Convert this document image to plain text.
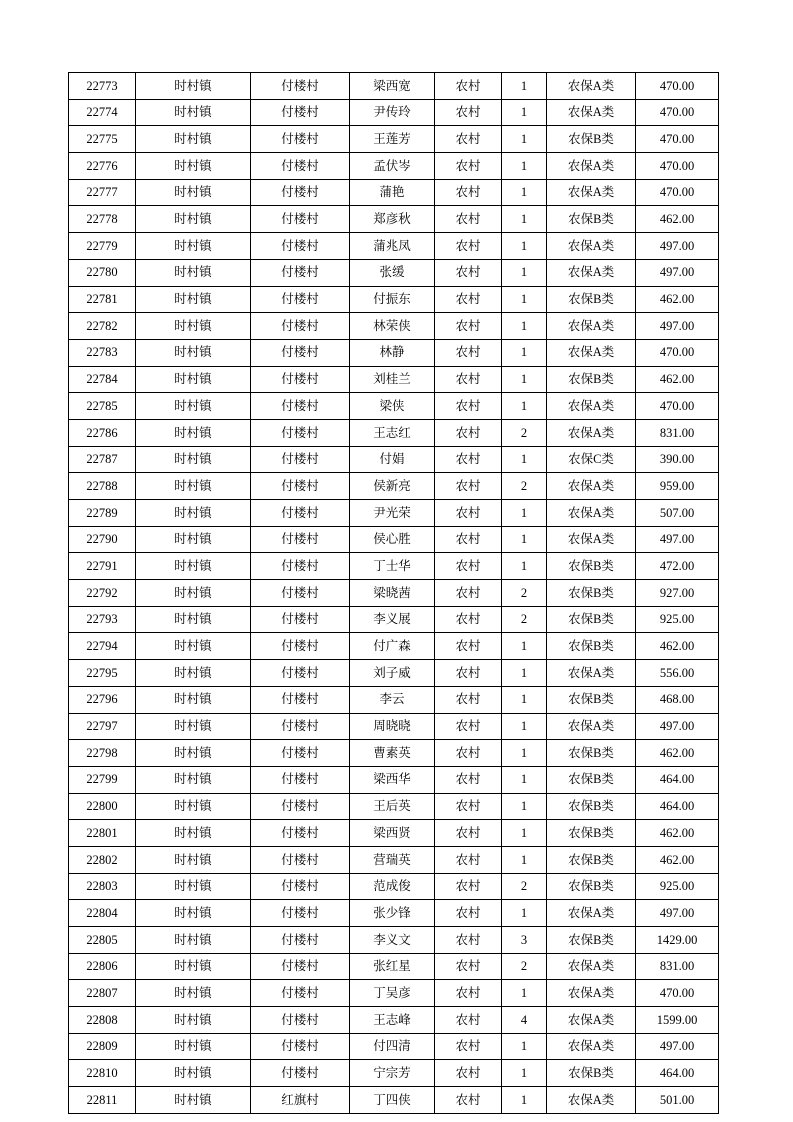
22773	时村镇	付楼村	梁西宽	农村	1	农保A类	470.00
22774	时村镇	付楼村	尹传玲	农村	1	农保A类	470.00
22775	时村镇	付楼村	王莲芳	农村	1	农保B类	470.00
22776	时村镇	付楼村	孟伏岑	农村	1	农保A类	470.00
22777	时村镇	付楼村	蒲艳	农村	1	农保A类	470.00
22778	时村镇	付楼村	郑彦秋	农村	1	农保B类	462.00
22779	时村镇	付楼村	蒲兆凤	农村	1	农保A类	497.00
22780	时村镇	付楼村	张缓	农村	1	农保A类	497.00
22781	时村镇	付楼村	付振东	农村	1	农保B类	462.00
22782	时村镇	付楼村	林荣侠	农村	1	农保A类	497.00
22783	时村镇	付楼村	林静	农村	1	农保A类	470.00
22784	时村镇	付楼村	刘桂兰	农村	1	农保B类	462.00
22785	时村镇	付楼村	梁侠	农村	1	农保A类	470.00
22786	时村镇	付楼村	王志红	农村	2	农保A类	831.00
22787	时村镇	付楼村	付娟	农村	1	农保C类	390.00
22788	时村镇	付楼村	侯新亮	农村	2	农保A类	959.00
22789	时村镇	付楼村	尹光荣	农村	1	农保A类	507.00
22790	时村镇	付楼村	侯心胜	农村	1	农保A类	497.00
22791	时村镇	付楼村	丁士华	农村	1	农保B类	472.00
22792	时村镇	付楼村	梁晓茜	农村	2	农保B类	927.00
22793	时村镇	付楼村	李义展	农村	2	农保B类	925.00
22794	时村镇	付楼村	付广森	农村	1	农保B类	462.00
22795	时村镇	付楼村	刘子威	农村	1	农保A类	556.00
22796	时村镇	付楼村	李云	农村	1	农保B类	468.00
22797	时村镇	付楼村	周晓晓	农村	1	农保A类	497.00
22798	时村镇	付楼村	曹素英	农村	1	农保B类	462.00
22799	时村镇	付楼村	梁西华	农村	1	农保B类	464.00
22800	时村镇	付楼村	王后英	农村	1	农保B类	464.00
22801	时村镇	付楼村	梁西贤	农村	1	农保B类	462.00
22802	时村镇	付楼村	营瑞英	农村	1	农保B类	462.00
22803	时村镇	付楼村	范成俊	农村	2	农保B类	925.00
22804	时村镇	付楼村	张少锋	农村	1	农保A类	497.00
22805	时村镇	付楼村	李义文	农村	3	农保B类	1429.00
22806	时村镇	付楼村	张红星	农村	2	农保A类	831.00
22807	时村镇	付楼村	丁吴彦	农村	1	农保A类	470.00
22808	时村镇	付楼村	王志峰	农村	4	农保A类	1599.00
22809	时村镇	付楼村	付四清	农村	1	农保A类	497.00
22810	时村镇	付楼村	宁宗芳	农村	1	农保B类	464.00
22811	时村镇	红旗村	丁四侠	农村	1	农保A类	501.00
